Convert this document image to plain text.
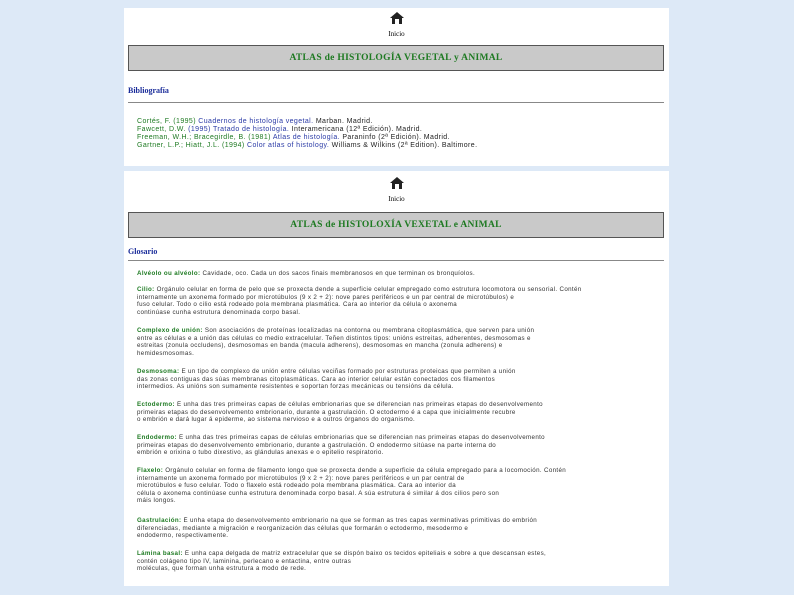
Inicio
ATLAS de HISTOLOGÍA VEGETAL y ANIMAL
Bibliografía
Cortés, F. (1995) Cuadernos de histología vegetal. Marban. Madrid.
Fawcett, D.W. (1995) Tratado de histología. Interamericana (12ª Edición). Madrid.
Freeman, W.H.; Bracegirdle, B. (1981) Atlas de histología. Paraninfo (2ª Edición). Madrid.
Gartner, L.P.; Hiatt, J.L. (1994) Color atlas of histology. Williams & Wilkins (2ª Edition). Baltimore.
Inicio
ATLAS de HISTOLOXÍA VEXETAL e ANIMAL
Glosario
Alvéolo ou alvéolo: Cavidade, oco. Cada un dos sacos finais membranosos en que terminan os bronquíolos.
Cilio: Orgánulo celular en forma de pelo que se proxecta dende a superficie celular empregado como estrutura locomotora ou sensorial. Contén
internamente un axonema formado por microtúbulos (9 x 2 + 2): nove pares periféricos e un par central de microtúbulos) e
fuso celular. Todo o cilio está rodeado pola membrana plasmática. Cara ao interior da célula o axonema
continúase cunha estrutura denominada corpo basal.
Complexo de unión: Son asociacións de proteínas localizadas na contorna ou membrana citoplasmática, que serven para unión
entre as células e a unión das células co medio extracelular. Teñen distintos tipos: unións estreitas, adherentes, desmosomas e
estreitas (zonula occludens), desmosomas en banda (macula adherens), desmosomas en mancha (zonula adherens) e
hemidesmosomas.
Desmosoma: E un tipo de complexo de unión entre células veciñas formado por estruturas proteicas que permiten a unión
das zonas contiguas das súas membranas citoplasmáticas. Cara ao interior celular están conectados cos filamentos
intermedios. As unións son sumamente resistentes e soportan forzas mecánicas ou tensións da célula.
Ectodermo: É unha das tres primeiras capas de células embrionarias que se diferencian nas primeiras etapas do desenvolvemento
primeiras etapas do desenvolvemento embrionario, durante a gastrulación. O ectodermo é a capa que inicialmente recubre
o embrión e dará lugar á epiderme, ao sistema nervioso e a outros órganos do organismo.
Endodermo: É unha das tres primeiras capas de células embrionarias que se diferencian nas primeiras etapas do desenvolvemento
primeiras etapas do desenvolvemento embrionario, durante a gastrulación. O endodermo sitúase na parte interna do
embrión e orixina o tubo dixestivo, as glándulas anexas e o epitelio respiratorio.
Flaxelo: Orgánulo celular en forma de filamento longo que se proxecta dende a superficie da célula empregado para a locomoción. Contén
internamente un axonema formado por microtúbulos (9 x 2 + 2): nove pares periféricos e un par central de
microtúbulos e fuso celular. Todo o flaxelo está rodeado pola membrana plasmática. Cara ao interior da
célula o axonema continúase cunha estrutura denominada corpo basal. A súa estrutura é similar á dos cilios pero son
máis longos.
Gastrulación: É unha etapa do desenvolvemento embrionario na que se forman as tres capas xerminativas primitivas do embrión
diferenciadas, mediante a migración e reorganización das células que formarán o ectodermo, mesodermo e
endodermo, respectivamente.
Lámina basal: É unha capa delgada de matriz extracelular que se dispón baixo os tecidos epiteliais e sobre a que descansan estes,
contén colágeno tipo IV, laminina, perlecano e entactina, entre outras
moléculas, que forman unha estrutura a modo de rede.
